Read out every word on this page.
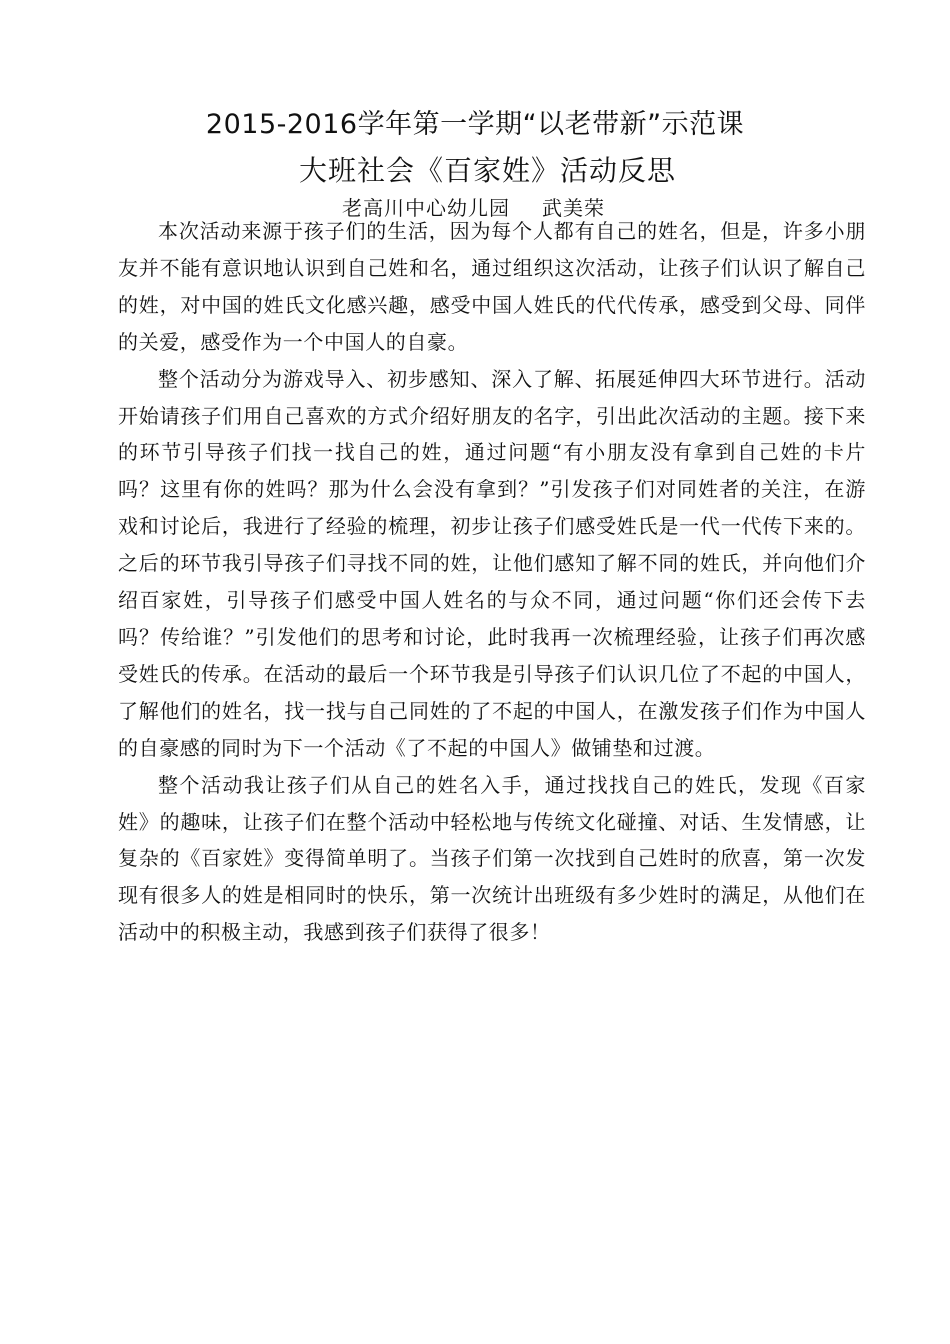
2015-2016学年第一学期“以老带新”示范课
大班社会《百家姓》活动反思
老高川中心幼儿园 武美荣

本次活动来源于孩子们的生活，因为每个人都有自己的姓名，但是，许多小朋友并不能有意识地认识到自己姓和名，通过组织这次活动，让孩子们认识了解自己的姓，对中国的姓氏文化感兴趣，感受中国人姓氏的代代传承，感受到父母、同伴的关爱，感受作为一个中国人的自豪。

整个活动分为游戏导入、初步感知、深入了解、拓展延伸四大环节进行。活动开始请孩子们用自己喜欢的方式介绍好朋友的名字，引出此次活动的主题。接下来的环节引导孩子们找一找自己的姓，通过问题“有小朋友没有拿到自己姓的卡片吗？这里有你的姓吗？那为什么会没有拿到？”引发孩子们对同姓者的关注，在游戏和讨论后，我进行了经验的梳理，初步让孩子们感受姓氏是一代一代传下来的。之后的环节我引导孩子们寻找不同的姓，让他们感知了解不同的姓氏，并向他们介绍百家姓，引导孩子们感受中国人姓名的与众不同，通过问题“你们还会传下去吗？传给谁？”引发他们的思考和讨论，此时我再一次梳理经验，让孩子们再次感受姓氏的传承。在活动的最后一个环节我是引导孩子们认识几位了不起的中国人，了解他们的姓名，找一找与自己同姓的了不起的中国人，在激发孩子们作为中国人的自豪感的同时为下一个活动《了不起的中国人》做铺垫和过渡。

整个活动我让孩子们从自己的姓名入手，通过找找自己的姓氏，发现《百家姓》的趣味，让孩子们在整个活动中轻松地与传统文化碰撞、对话、生发情感，让复杂的《百家姓》变得简单明了。当孩子们第一次找到自己姓时的欣喜，第一次发现有很多人的姓是相同时的快乐，第一次统计出班级有多少姓时的满足，从他们在活动中的积极主动，我感到孩子们获得了很多！
